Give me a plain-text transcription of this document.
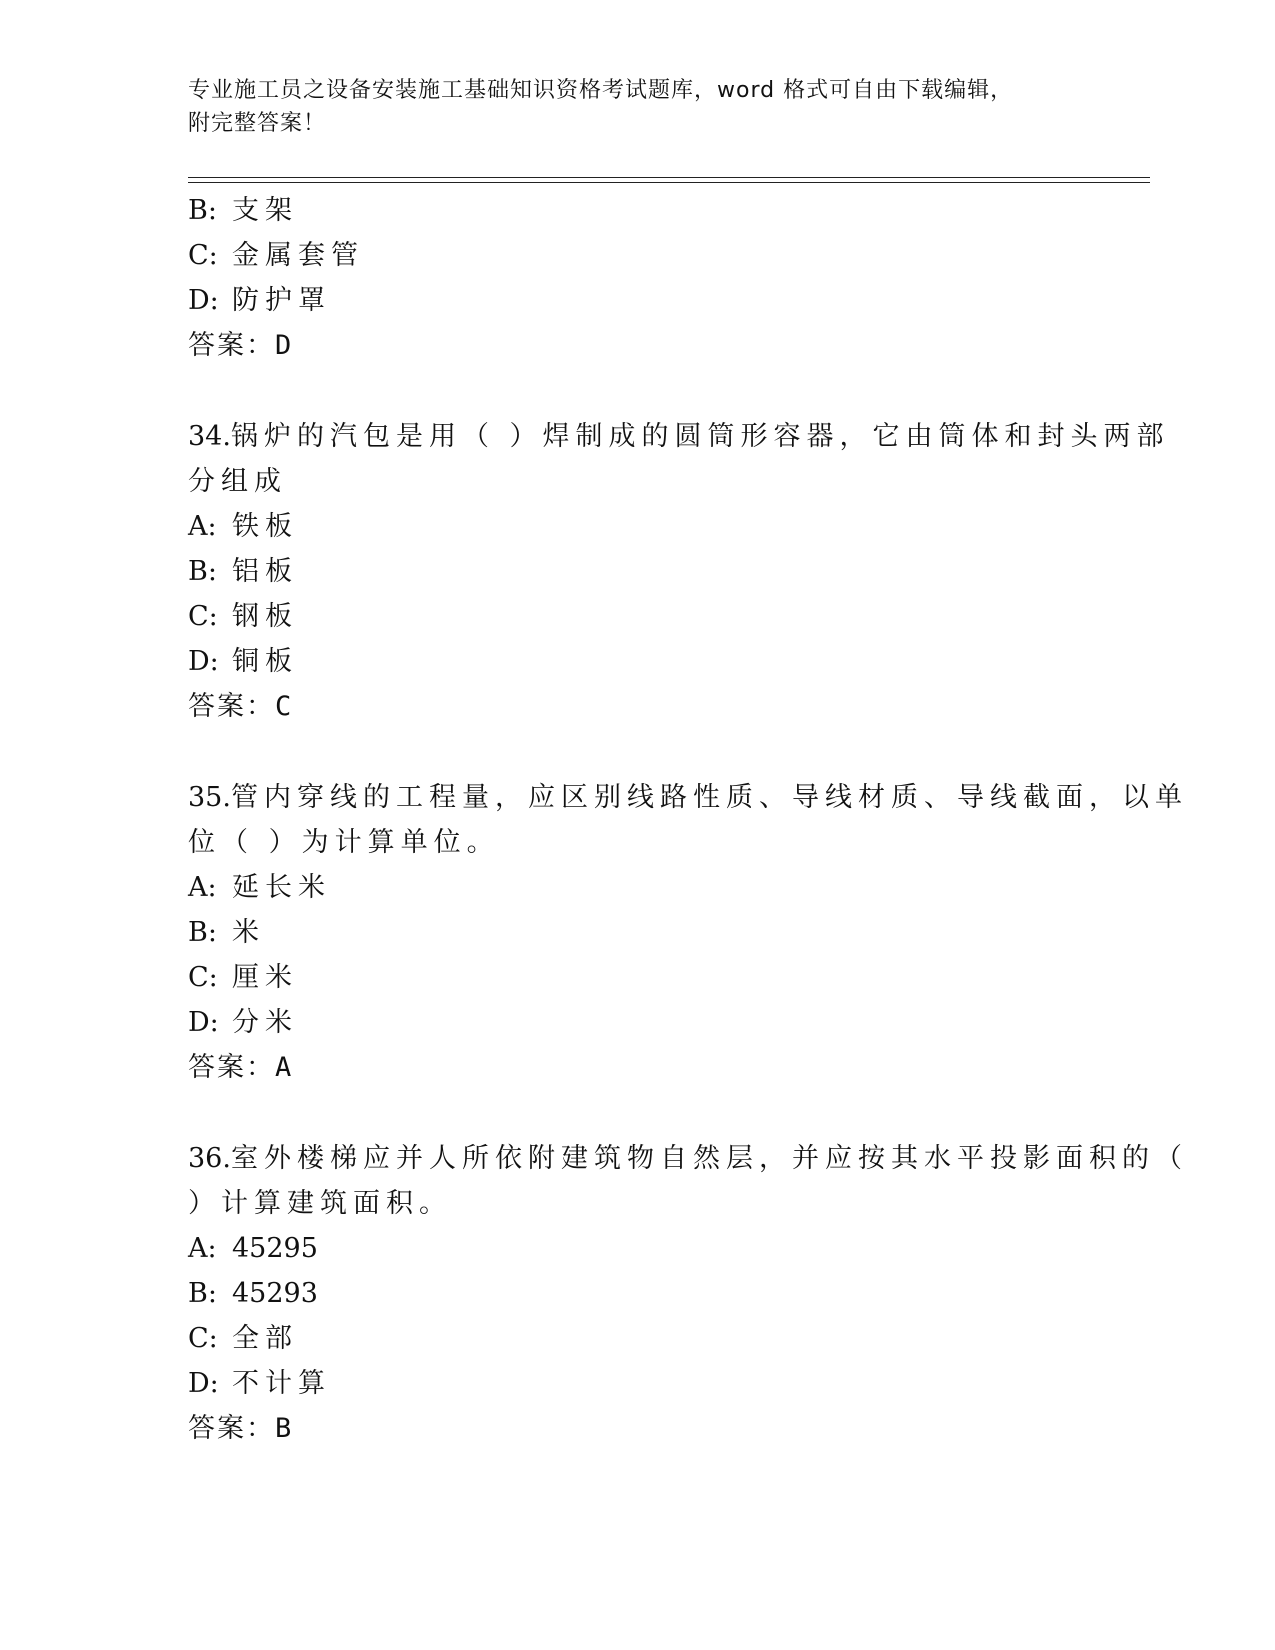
专业施工员之设备安装施工基础知识资格考试题库，word 格式可自由下载编辑，
附完整答案！
B: 支架
C: 金属套管
D: 防护罩
答案： D
34. 锅炉的汽包是用（ ）焊制成的圆筒形容器，它由筒体和封头两部
分组成
A: 铁板
B: 铝板
C: 钢板
D: 铜板
答案： C
35. 管内穿线的工程量，应区别线路性质、导线材质、导线截面，以单
位（ ）为计算单位。
A: 延长米
B: 米
C: 厘米
D: 分米
答案： A
36. 室外楼梯应并人所依附建筑物自然层，并应按其水平投影面积的（
）计算建筑面积。
A: 45295
B: 45293
C: 全部
D: 不计算
答案： B
